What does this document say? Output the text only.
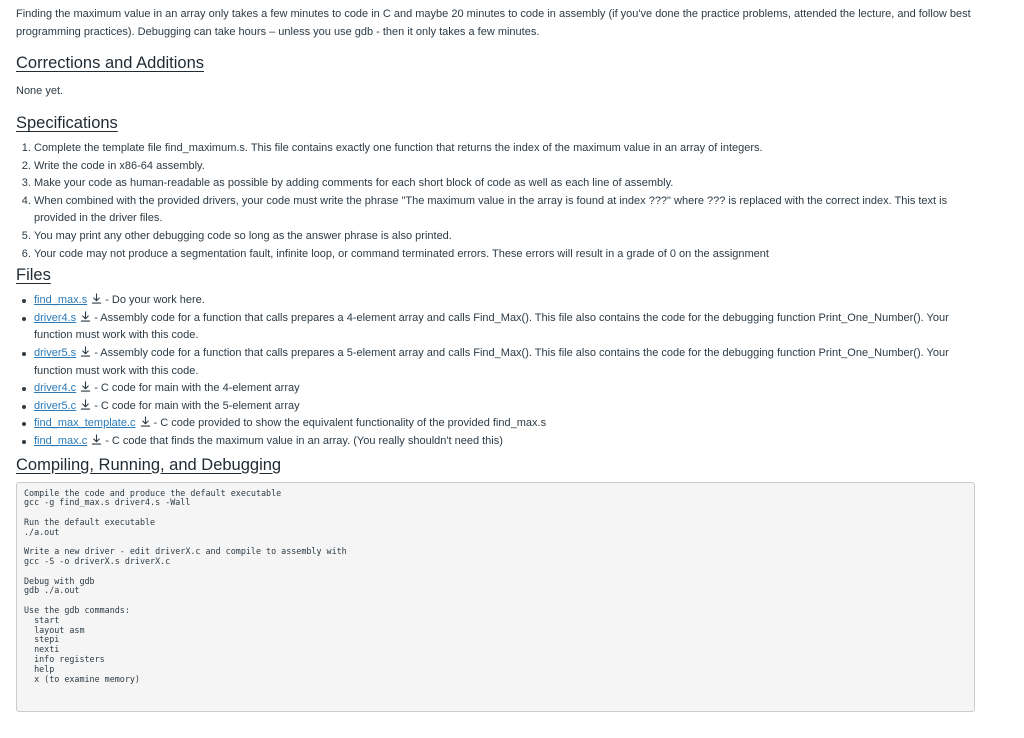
Finding the maximum value in an array only takes a few minutes to code in C and maybe 20 minutes to code in assembly (if you've done the practice problems, attended the lecture, and follow best programming practices). Debugging can take hours – unless you use gdb - then it only takes a few minutes.

Corrections and Additions

None yet.

Specifications
1. Complete the template file find_maximum.s. This file contains exactly one function that returns the index of the maximum value in an array of integers.
2. Write the code in x86-64 assembly.
3. Make your code as human-readable as possible by adding comments for each short block of code as well as each line of assembly.
4. When combined with the provided drivers, your code must write the phrase "The maximum value in the array is found at index ???" where ??? is replaced with the correct index. This text is provided in the driver files.
5. You may print any other debugging code so long as the answer phrase is also printed.
6. Your code may not produce a segmentation fault, infinite loop, or command terminated errors. These errors will result in a grade of 0 on the assignment
Files
find_max.s - Do your work here.
driver4.s - Assembly code for a function that calls prepares a 4-element array and calls Find_Max(). This file also contains the code for the debugging function Print_One_Number(). Your function must work with this code.
driver5.s - Assembly code for a function that calls prepares a 5-element array and calls Find_Max(). This file also contains the code for the debugging function Print_One_Number(). Your function must work with this code.
driver4.c - C code for main with the 4-element array
driver5.c - C code for main with the 5-element array
find_max_template.c - C code provided to show the equivalent functionality of the provided find_max.s
find_max.c - C code that finds the maximum value in an array. (You really shouldn't need this)
Compiling, Running, and Debugging
Compile the code and produce the default executable
gcc -g find_max.s driver4.s -Wall

Run the default executable
./a.out

Write a new driver - edit driverX.c and compile to assembly with
gcc -S -o driverX.s driverX.c

Debug with gdb
gdb ./a.out

Use the gdb commands:
start
layout asm
stepi
nexti
info registers
help
x (to examine memory)
